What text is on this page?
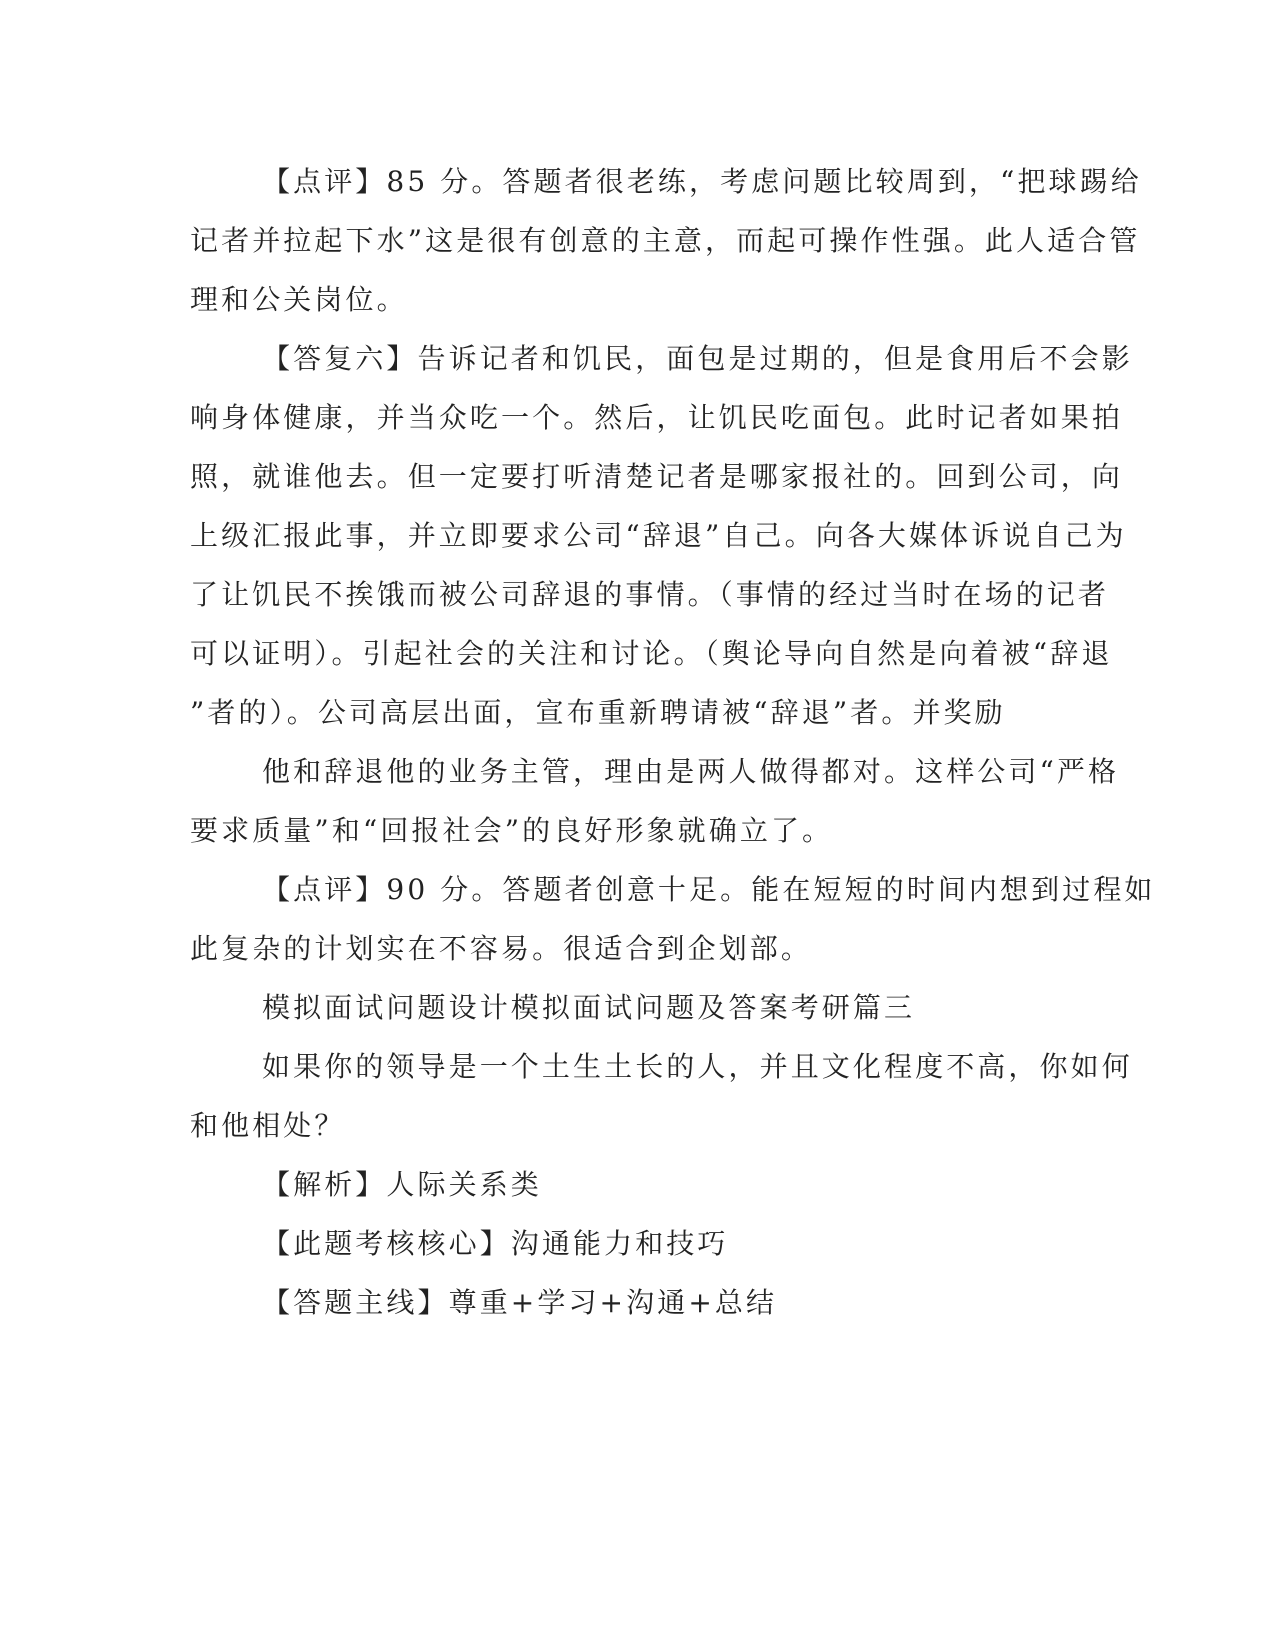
【点评】85 分。答题者很老练，考虑问题比较周到，“把球踢给
记者并拉起下水”这是很有创意的主意，而起可操作性强。此人适合管
理和公关岗位。
【答复六】告诉记者和饥民，面包是过期的，但是食用后不会影
响身体健康，并当众吃一个。然后，让饥民吃面包。此时记者如果拍
照，就谁他去。但一定要打听清楚记者是哪家报社的。回到公司，向
上级汇报此事，并立即要求公司“辞退”自己。向各大媒体诉说自己为
了让饥民不挨饿而被公司辞退的事情。（事情的经过当时在场的记者
可以证明）。引起社会的关注和讨论。（舆论导向自然是向着被“辞退
”者的）。公司高层出面，宣布重新聘请被“辞退”者。并奖励
他和辞退他的业务主管，理由是两人做得都对。这样公司“严格
要求质量”和“回报社会”的良好形象就确立了。
【点评】90 分。答题者创意十足。能在短短的时间内想到过程如
此复杂的计划实在不容易。很适合到企划部。
模拟面试问题设计模拟面试问题及答案考研篇三
如果你的领导是一个土生土长的人，并且文化程度不高，你如何
和他相处？
【解析】人际关系类
【此题考核核心】沟通能力和技巧
【答题主线】尊重+学习+沟通+总结
